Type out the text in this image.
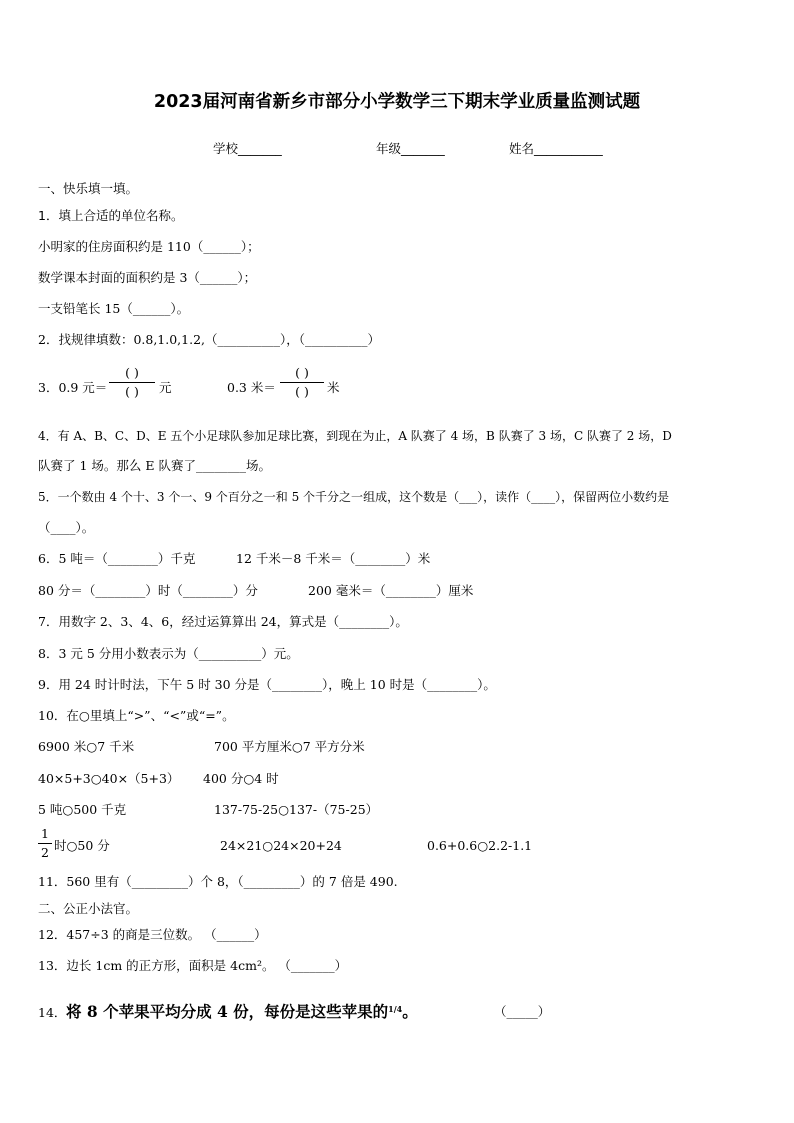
2023届河南省新乡市部分小学数学三下期末学业质量监测试题
学校_______	年级_______	姓名___________
一、快乐填一填。
1．填上合适的单位名称。
小明家的住房面积约是 110（______）；
数学课本封面的面积约是 3（______）；
一支铅笔长 15（______）。
2．找规律填数：0.8,1.0,1.2,（__________），（__________）
3．0.9 元＝
( )
( )	元	0.3 米＝
( )
( )	米
4．有 A、B、C、D、E 五个小足球队参加足球比赛，到现在为止，A 队赛了 4 场，B 队赛了 3 场，C 队赛了 2 场，D
队赛了 1 场。那么 E 队赛了________场。
5．一个数由 4 个十、3 个一、9 个百分之一和 5 个千分之一组成，这个数是（___），读作（____），保留两位小数约是
（____）。
6．5 吨＝（________）千克	12 千米－8 千米＝（________）米
80 分＝（________）时（________）分	200 毫米＝（________）厘米
7．用数字 2、3、4、6，经过运算算出 24，算式是（________）。
8．3 元 5 分用小数表示为（__________）元。
9．用 24 时计时法，下午 5 时 30 分是（________），晚上 10 时是（________）。
10．在○里填上“>”、“<”或“=”。
6900 米○7 千米	700 平方厘米○7 平方分米
40×5+3○40×（5+3） 400 分○4 时
5 吨○500 千克	137-75-25○137-（75-25）
1
2 时○50 分	24×21○24×20+24	0.6+0.6○2.2-1.1
11．560 里有（_________）个 8，（_________）的 7 倍是 490.
二、公正小法官。
12．457÷3 的商是三位数。 （______）
13．边长 1cm 的正方形，面积是 4cm²。 （_______）
14． 将 8 个苹果平均分成 4 份，每份是这些苹果的1/4。	（_____）
